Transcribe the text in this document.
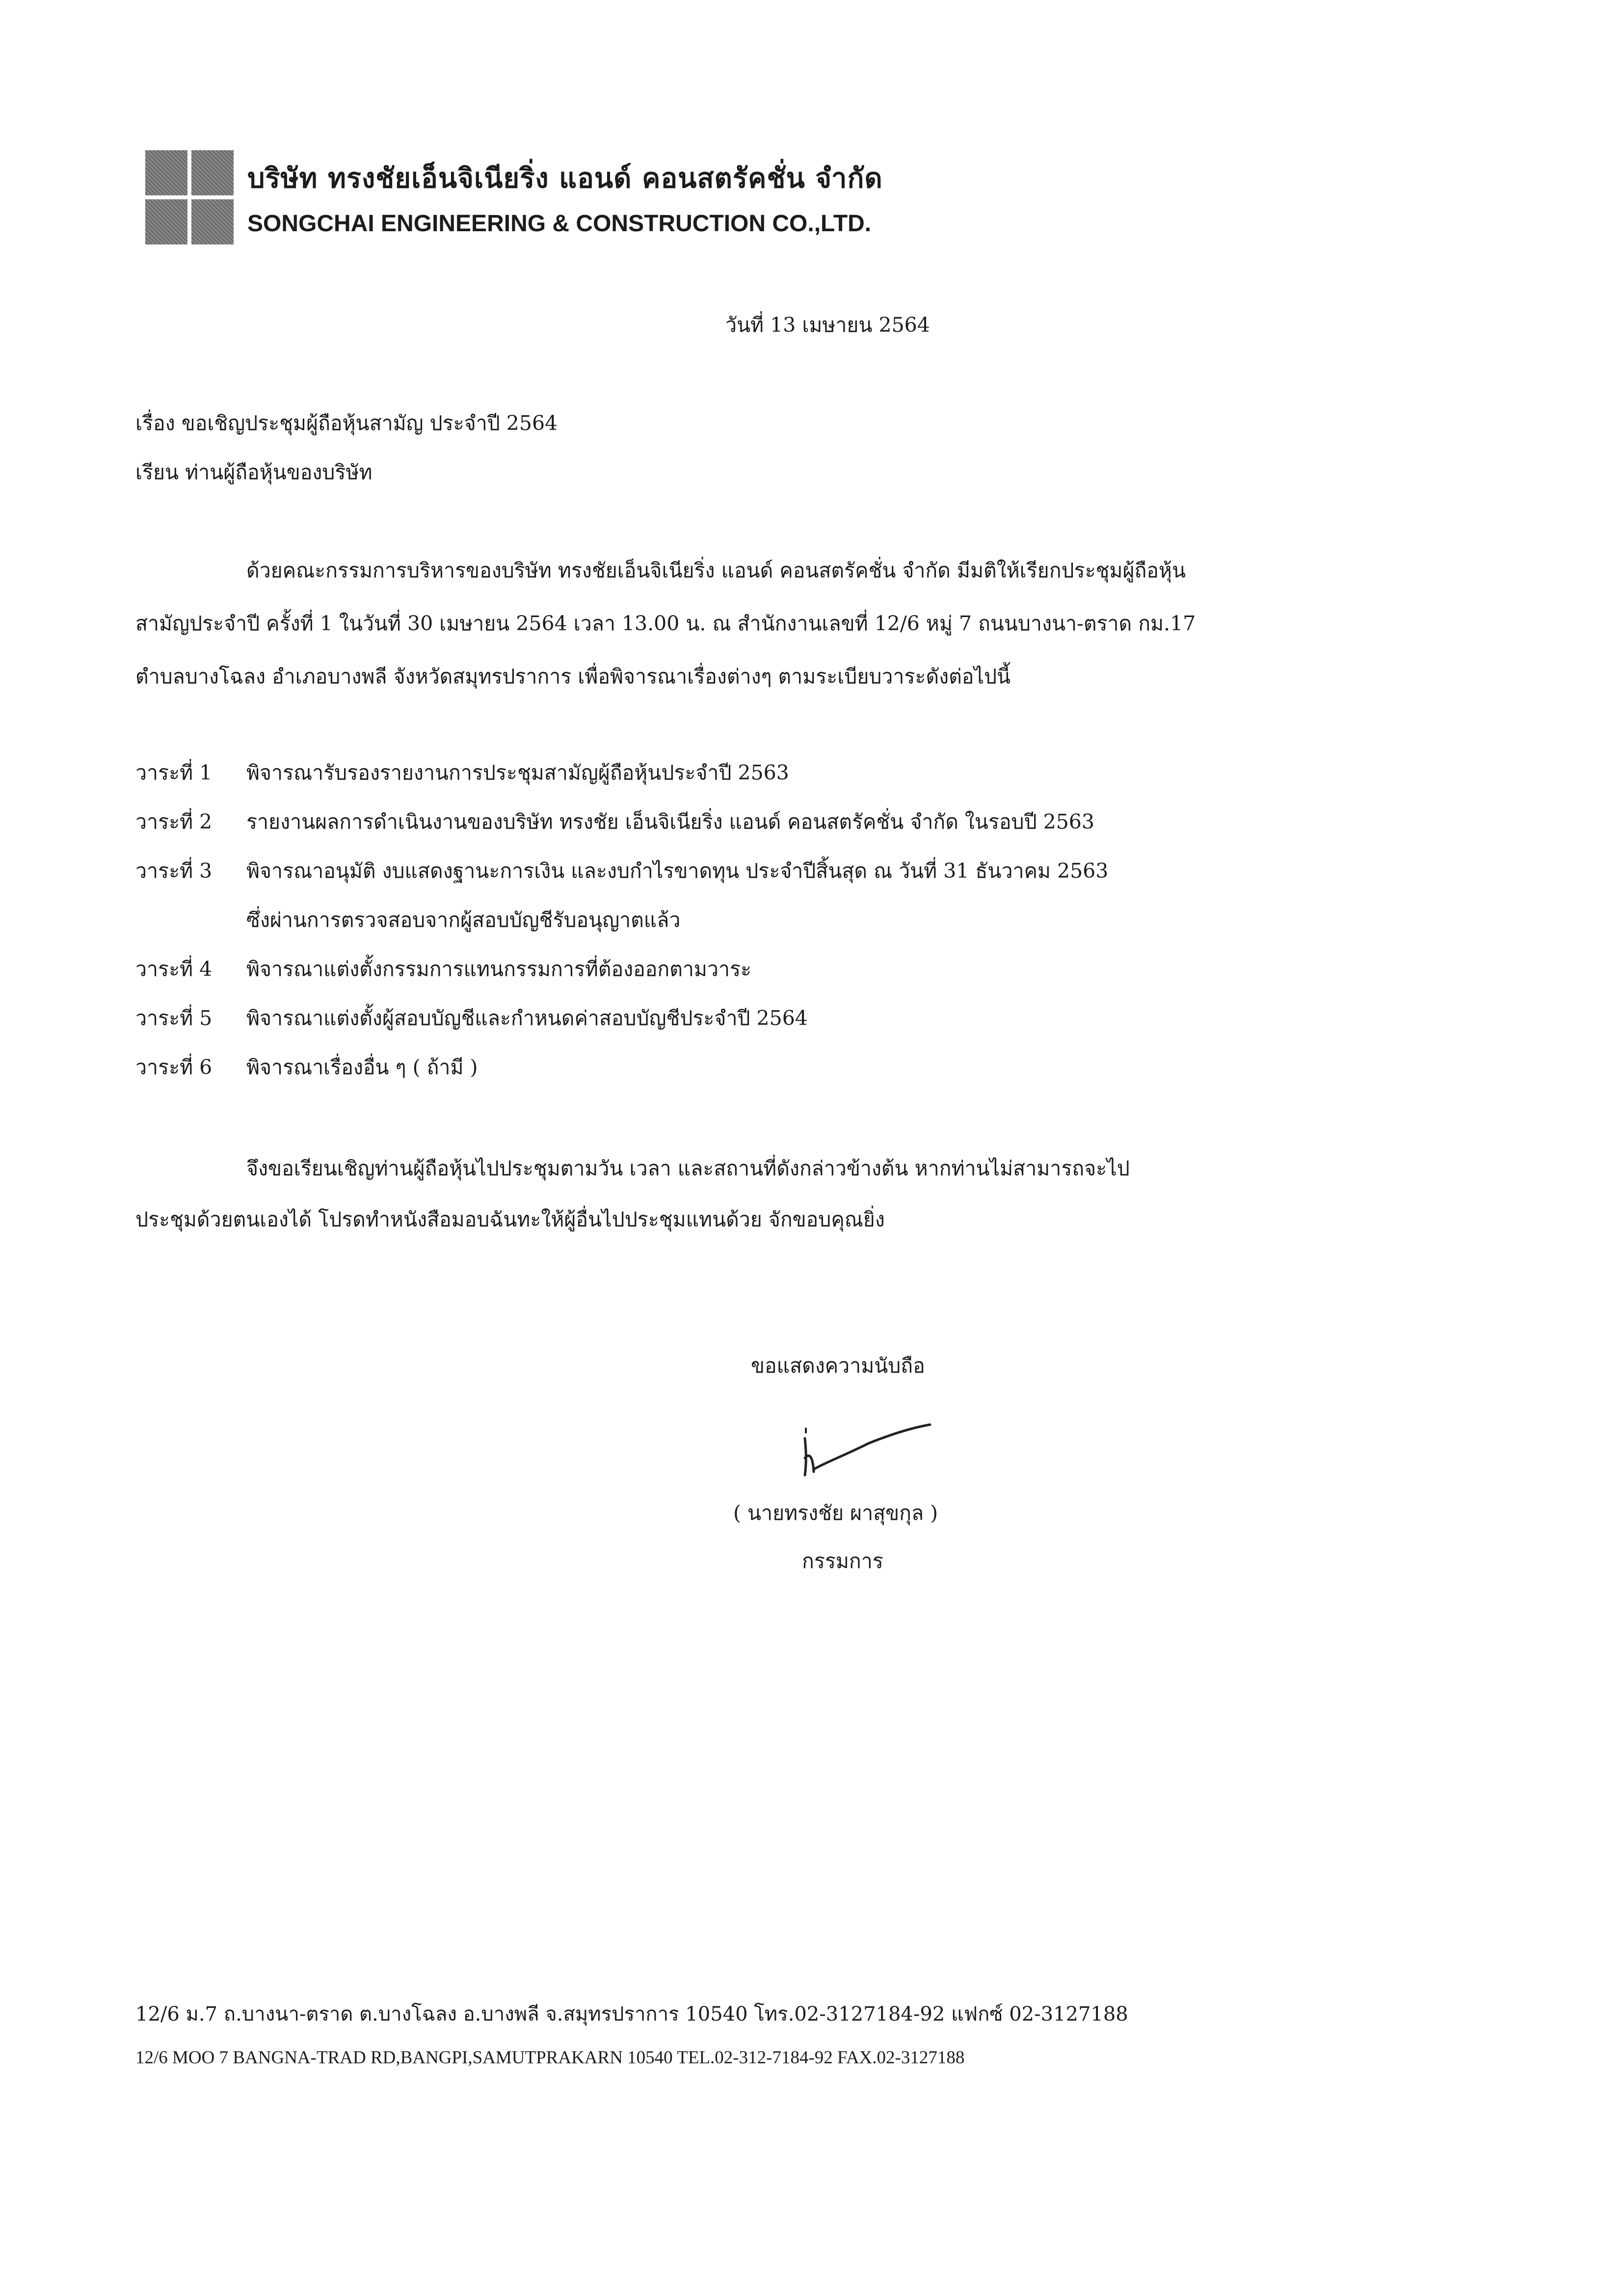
บริษัท ทรงชัยเอ็นจิเนียริ่ง แอนด์ คอนสตรัคชั่น จำกัด
SONGCHAI ENGINEERING & CONSTRUCTION CO.,LTD.
วันที่ 13 เมษายน 2564
เรื่อง ขอเชิญประชุมผู้ถือหุ้นสามัญ ประจำปี 2564
เรียน ท่านผู้ถือหุ้นของบริษัท
ด้วยคณะกรรมการบริหารของบริษัท ทรงชัยเอ็นจิเนียริ่ง แอนด์ คอนสตรัคชั่น จำกัด มีมติให้เรียกประชุมผู้ถือหุ้น
สามัญประจำปี ครั้งที่ 1 ในวันที่ 30 เมษายน 2564 เวลา 13.00 น. ณ สำนักงานเลขที่ 12/6 หมู่ 7 ถนนบางนา-ตราด กม.17
ตำบลบางโฉลง อำเภอบางพลี จังหวัดสมุทรปราการ เพื่อพิจารณาเรื่องต่างๆ ตามระเบียบวาระดังต่อไปนี้
วาระที่ 1 พิจารณารับรองรายงานการประชุมสามัญผู้ถือหุ้นประจำปี 2563
วาระที่ 2 รายงานผลการดำเนินงานของบริษัท ทรงชัย เอ็นจิเนียริ่ง แอนด์ คอนสตรัคชั่น จำกัด ในรอบปี 2563
วาระที่ 3 พิจารณาอนุมัติ งบแสดงฐานะการเงิน และงบกำไรขาดทุน ประจำปีสิ้นสุด ณ วันที่ 31 ธันวาคม 2563
ซึ่งผ่านการตรวจสอบจากผู้สอบบัญชีรับอนุญาตแล้ว
วาระที่ 4 พิจารณาแต่งตั้งกรรมการแทนกรรมการที่ต้องออกตามวาระ
วาระที่ 5 พิจารณาแต่งตั้งผู้สอบบัญชีและกำหนดค่าสอบบัญชีประจำปี 2564
วาระที่ 6 พิจารณาเรื่องอื่น ๆ ( ถ้ามี )
จึงขอเรียนเชิญท่านผู้ถือหุ้นไปประชุมตามวัน เวลา และสถานที่ดังกล่าวข้างต้น หากท่านไม่สามารถจะไป
ประชุมด้วยตนเองได้ โปรดทำหนังสือมอบฉันทะให้ผู้อื่นไปประชุมแทนด้วย จักขอบคุณยิ่ง
ขอแสดงความนับถือ
( นายทรงชัย ผาสุขกุล )
กรรมการ
12/6 ม.7 ถ.บางนา-ตราด ต.บางโฉลง อ.บางพลี จ.สมุทรปราการ 10540 โทร.02-3127184-92 แฟกซ์ 02-3127188
12/6 MOO 7 BANGNA-TRAD RD,BANGPI,SAMUTPRAKARN 10540 TEL.02-312-7184-92 FAX.02-3127188
